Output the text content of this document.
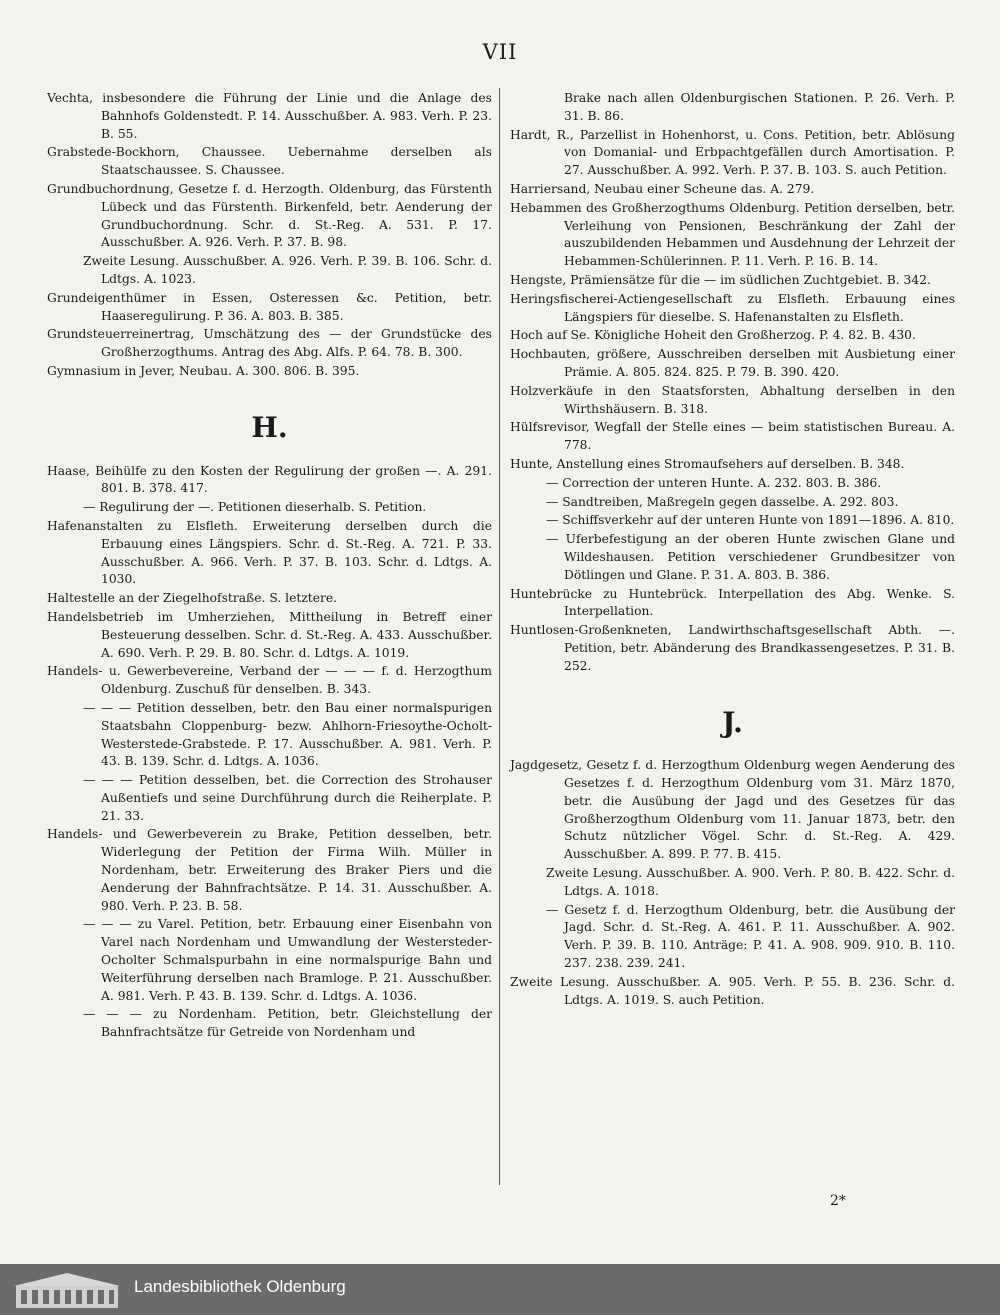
VII

Vechta, insbesondere die Führung der Linie und die Anlage des Bahnhofs Goldenstedt. P. 14. Ausschußber. A. 983. Verh. P. 23. B. 55.

Grabstede-Bockhorn, Chaussee. Uebernahme derselben als Staatschaussee. S. Chaussee.

Grundbuchordnung, Gesetze f. d. Herzogth. Oldenburg, das Fürstenth Lübeck und das Fürstenth. Birkenfeld, betr. Aenderung der Grundbuchordnung. Schr. d. St.-Reg. A. 531. P. 17. Ausschußber. A. 926. Verh. P. 37. B. 98.

Zweite Lesung. Ausschußber. A. 926. Verh. P. 39. B. 106. Schr. d. Ldtgs. A. 1023.

Grundeigenthümer in Essen, Osteressen &c. Petition, betr. Haaseregulirung. P. 36. A. 803. B. 385.

Grundsteuerreinertrag, Umschätzung des — der Grundstücke des Großherzogthums. Antrag des Abg. Alfs. P. 64. 78. B. 300.

Gymnasium in Jever, Neubau. A. 300. 806. B. 395.

H.

Haase, Beihülfe zu den Kosten der Regulirung der großen —. A. 291. 801. B. 378. 417.

— Regulirung der —. Petitionen dieserhalb. S. Petition.

Hafenanstalten zu Elsfleth. Erweiterung derselben durch die Erbauung eines Längspiers. Schr. d. St.-Reg. A. 721. P. 33. Ausschußber. A. 966. Verh. P. 37. B. 103. Schr. d. Ldtgs. A. 1030.

Haltestelle an der Ziegelhofstraße. S. letztere.

Handelsbetrieb im Umherziehen, Mittheilung in Betreff einer Besteuerung desselben. Schr. d. St.-Reg. A. 433. Ausschußber. A. 690. Verh. P. 29. B. 80. Schr. d. Ldtgs. A. 1019.

Handels- u. Gewerbevereine, Verband der — — — f. d. Herzogthum Oldenburg. Zuschuß für denselben. B. 343.

— — — Petition desselben, betr. den Bau einer normalspurigen Staatsbahn Cloppenburg- bezw. Ahlhorn-Friesoythe-Ocholt-Westerstede-Grabstede. P. 17. Ausschußber. A. 981. Verh. P. 43. B. 139. Schr. d. Ldtgs. A. 1036.

— — — Petition desselben, bet. die Correction des Strohauser Außentiefs und seine Durchführung durch die Reiherplate. P. 21. 33.

Handels- und Gewerbeverein zu Brake, Petition desselben, betr. Widerlegung der Petition der Firma Wilh. Müller in Nordenham, betr. Erweiterung des Braker Piers und die Aenderung der Bahnfrachtsätze. P. 14. 31. Ausschußber. A. 980. Verh. P. 23. B. 58.

— — — zu Varel. Petition, betr. Erbauung einer Eisenbahn von Varel nach Nordenham und Umwandlung der Westersteder-Ocholter Schmalspurbahn in eine normalspurige Bahn und Weiterführung derselben nach Bramloge. P. 21. Ausschußber. A. 981. Verh. P. 43. B. 139. Schr. d. Ldtgs. A. 1036.

— — — zu Nordenham. Petition, betr. Gleichstellung der Bahnfrachtsätze für Getreide von Nordenham und

Brake nach allen Oldenburgischen Stationen. P. 26. Verh. P. 31. B. 86.

Hardt, R., Parzellist in Hohenhorst, u. Cons. Petition, betr. Ablösung von Domanial- und Erbpachtgefällen durch Amortisation. P. 27. Ausschußber. A. 992. Verh. P. 37. B. 103. S. auch Petition.

Harriersand, Neubau einer Scheune das. A. 279.

Hebammen des Großherzogthums Oldenburg. Petition derselben, betr. Verleihung von Pensionen, Beschränkung der Zahl der auszubildenden Hebammen und Ausdehnung der Lehrzeit der Hebammen-Schülerinnen. P. 11. Verh. P. 16. B. 14.

Hengste, Prämiensätze für die — im südlichen Zuchtgebiet. B. 342.

Heringsfischerei-Actiengesellschaft zu Elsfleth. Erbauung eines Längspiers für dieselbe. S. Hafenanstalten zu Elsfleth.

Hoch auf Se. Königliche Hoheit den Großherzog. P. 4. 82. B. 430.

Hochbauten, größere, Ausschreiben derselben mit Ausbietung einer Prämie. A. 805. 824. 825. P. 79. B. 390. 420.

Holzverkäufe in den Staatsforsten, Abhaltung derselben in den Wirthshäusern. B. 318.

Hülfsrevisor, Wegfall der Stelle eines — beim statistischen Bureau. A. 778.

Hunte, Anstellung eines Stromaufsehers auf derselben. B. 348.

— Correction der unteren Hunte. A. 232. 803. B. 386.

— Sandtreiben, Maßregeln gegen dasselbe. A. 292. 803.

— Schiffsverkehr auf der unteren Hunte von 1891—1896. A. 810.

— Uferbefestigung an der oberen Hunte zwischen Glane und Wildeshausen. Petition verschiedener Grundbesitzer von Dötlingen und Glane. P. 31. A. 803. B. 386.

Huntebrücke zu Huntebrück. Interpellation des Abg. Wenke. S. Interpellation.

Huntlosen-Großenkneten, Landwirthschaftsgesellschaft Abth. —. Petition, betr. Abänderung des Brandkassengesetzes. P. 31. B. 252.

J.

Jagdgesetz, Gesetz f. d. Herzogthum Oldenburg wegen Aenderung des Gesetzes f. d. Herzogthum Oldenburg vom 31. März 1870, betr. die Ausübung der Jagd und des Gesetzes für das Großherzogthum Oldenburg vom 11. Januar 1873, betr. den Schutz nützlicher Vögel. Schr. d. St.-Reg. A. 429. Ausschußber. A. 899. P. 77. B. 415.

Zweite Lesung. Ausschußber. A. 900. Verh. P. 80. B. 422. Schr. d. Ldtgs. A. 1018.

— Gesetz f. d. Herzogthum Oldenburg, betr. die Ausübung der Jagd. Schr. d. St.-Reg. A. 461. P. 11. Ausschußber. A. 902. Verh. P. 39. B. 110. Anträge: P. 41. A. 908. 909. 910. B. 110. 237. 238. 239. 241.

Zweite Lesung. Ausschußber. A. 905. Verh. P. 55. B. 236. Schr. d. Ldtgs. A. 1019. S. auch Petition.

2*
Landesbibliothek Oldenburg
